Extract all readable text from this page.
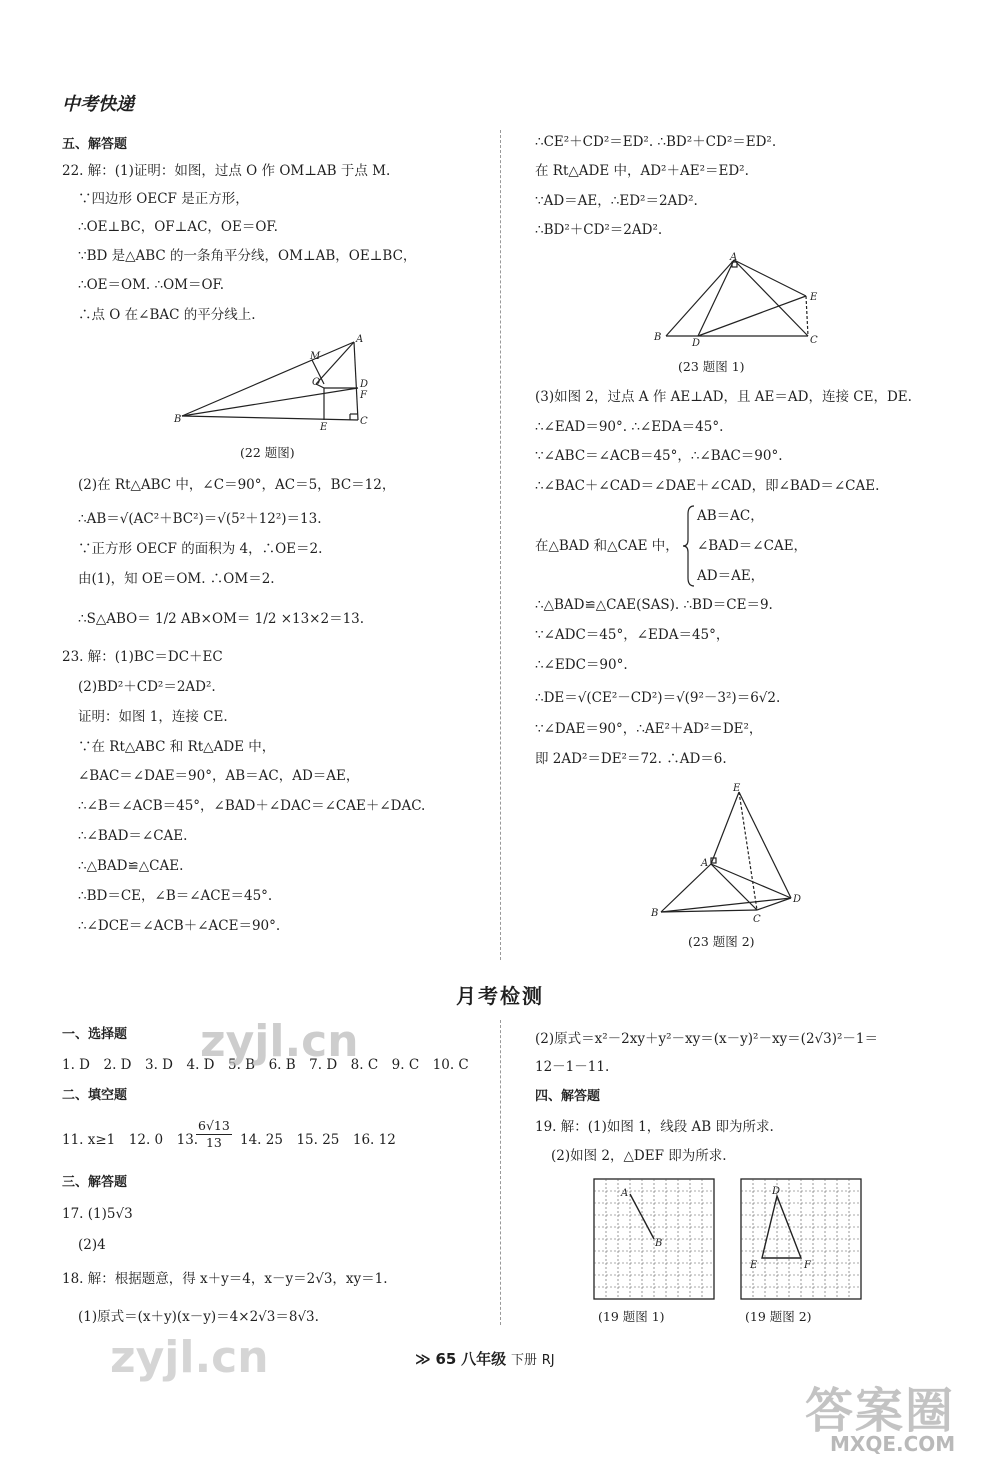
中考快递
五、解答题
22. 解：(1)证明：如图，过点 O 作 OM⊥AB 于点 M.
∵四边形 OECF 是正方形，
∴OE⊥BC，OF⊥AC，OE＝OF.
∵BD 是△ABC 的一条角平分线，OM⊥AB，OE⊥BC，
∴OE＝OM. ∴OM＝OF.
∴点 O 在∠BAC 的平分线上.
M
A
O	D
F
B
E
C
(22 题图)
(2)在 Rt△ABC 中，∠C＝90°，AC＝5，BC＝12，
∴AB＝√(AC²＋BC²)＝√(5²＋12²)＝13.
∵正方形 OECF 的面积为 4，∴OE＝2.
由(1)，知 OE＝OM. ∴OM＝2.
∴S△ABO＝ 1/2 AB×OM＝ 1/2 ×13×2＝13.
23. 解：(1)BC＝DC＋EC
(2)BD²＋CD²＝2AD².
证明：如图 1，连接 CE.
∵在 Rt△ABC 和 Rt△ADE 中，
∠BAC＝∠DAE＝90°，AB＝AC，AD＝AE，
∴∠B＝∠ACB＝45°，∠BAD＋∠DAC＝∠CAE＋∠DAC.
∴∠BAD＝∠CAE.
∴△BAD≌△CAE.
∴BD＝CE，∠B＝∠ACE＝45°.
∴∠DCE＝∠ACB＋∠ACE＝90°.
∴CE²＋CD²＝ED². ∴BD²＋CD²＝ED².
在 Rt△ADE 中，AD²＋AE²＝ED².
∵AD＝AE，∴ED²＝2AD².
∴BD²＋CD²＝2AD².
A
E
B
D	C
(23 题图 1)
(3)如图 2，过点 A 作 AE⊥AD，且 AE＝AD，连接 CE，DE.
∴∠EAD＝90°. ∴∠EDA＝45°.
∵∠ABC＝∠ACB＝45°，∴∠BAC＝90°.
∴∠BAC＋∠CAD＝∠DAE＋∠CAD，即∠BAD＝∠CAE.
在△BAD 和△CAE 中，
AB＝AC，
∠BAD＝∠CAE，
AD＝AE，
∴△BAD≌△CAE(SAS). ∴BD＝CE＝9.
∵∠ADC＝45°，∠EDA＝45°，
∴∠EDC＝90°.
∴DE＝√(CE²－CD²)＝√(9²－3²)＝6√2.
∵∠DAE＝90°，∴AE²＋AD²＝DE²，
即 2AD²＝DE²＝72. ∴AD＝6.
E
A
B
C
D
(23 题图 2)
月考检测
一、选择题
1. D　2. D　3. D　4. D　5. B　6. B　7. D　8. C　9. C　10. C
二、填空题
11. x≥1　12. 0　13.
$\frac{6√13}{13} 14$. 25　15. 25　16. 12
三、解答题
17. (1)5√3
(2)4
18. 解：根据题意，得 x＋y＝4，x－y＝2√3，xy＝1.
(1)原式＝(x＋y)(x－y)＝4×2√3＝8√3.
(2)原式＝x²－2xy＋y²－xy＝(x－y)²－xy＝(2√3)²－1＝
12－1－11.
四、解答题
19. 解：(1)如图 1，线段 AB 即为所求.
(2)如图 2，△DEF 即为所求.
A
B
(19 题图 1)
D
E	F
(19 题图 2)
≫ 65 八年级 下册 RJ
zyjl.cn
zyjl.cn
答案圈
MXQE.COM
